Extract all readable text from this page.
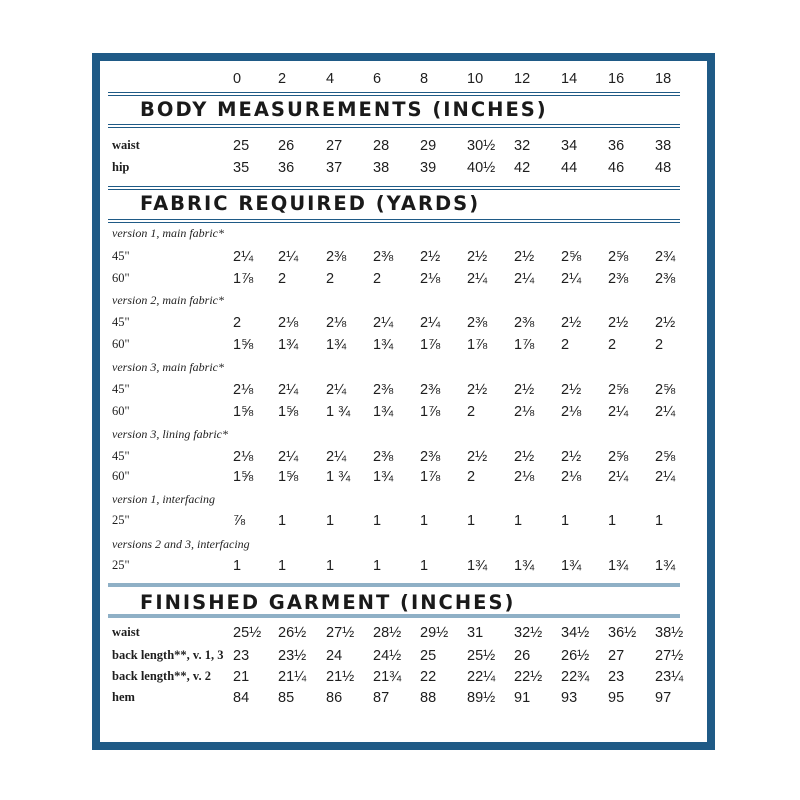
0	2	4	6	8	10 12 14 16 18
BODY MEASUREMENTS (INCHES)
waist	25 26 27 28 29 30½ 32 34 36 38
hip	35 36 37 38 39 40½ 42 44 46 48
FABRIC REQUIRED (YARDS)
version 1, main fabric*
45"	2¼ 2¼ 2⅜ 2⅜ 2½ 2½ 2½ 2⅝ 2⅝ 2¾
60"	1⅞ 2	2	2	2⅛ 2¼ 2¼ 2¼ 2⅜ 2⅜
version 2, main fabric*
45"	2	2⅛ 2⅛ 2¼ 2¼ 2⅜ 2⅜ 2½ 2½ 2½
60"	1⅝ 1¾ 1¾ 1¾ 1⅞ 1⅞ 1⅞ 2	2	2
version 3, main fabric*
45"	2⅛ 2¼ 2¼ 2⅜ 2⅜ 2½ 2½ 2½ 2⅝ 2⅝
60"	1⅝ 1⅝ 1 ¾ 1¾ 1⅞ 2	2⅛ 2⅛ 2¼ 2¼
version 3, lining fabric*
45"	2⅛ 2¼ 2¼ 2⅜ 2⅜ 2½ 2½ 2½ 2⅝ 2⅝
60"	1⅝ 1⅝ 1 ¾ 1¾ 1⅞ 2	2⅛ 2⅛ 2¼ 2¼
version 1, interfacing
25"	⅞ 1	1	1	1	1	1	1	1	1
versions 2 and 3, interfacing
25"	1	1	1	1	1	1¾ 1¾ 1¾ 1¾ 1¾
FINISHED GARMENT (INCHES)
waist	25½ 26½ 27½ 28½ 29½ 31 32½ 34½ 36½ 38½
back length**, v. 1, 3 23 23½ 24 24½ 25 25½ 26 26½ 27 27½
back length**, v. 2 21 21¼ 21½ 21¾ 22 22¼ 22½ 22¾ 23 23¼
hem	84 85 86 87 88 89½ 91 93 95 97
